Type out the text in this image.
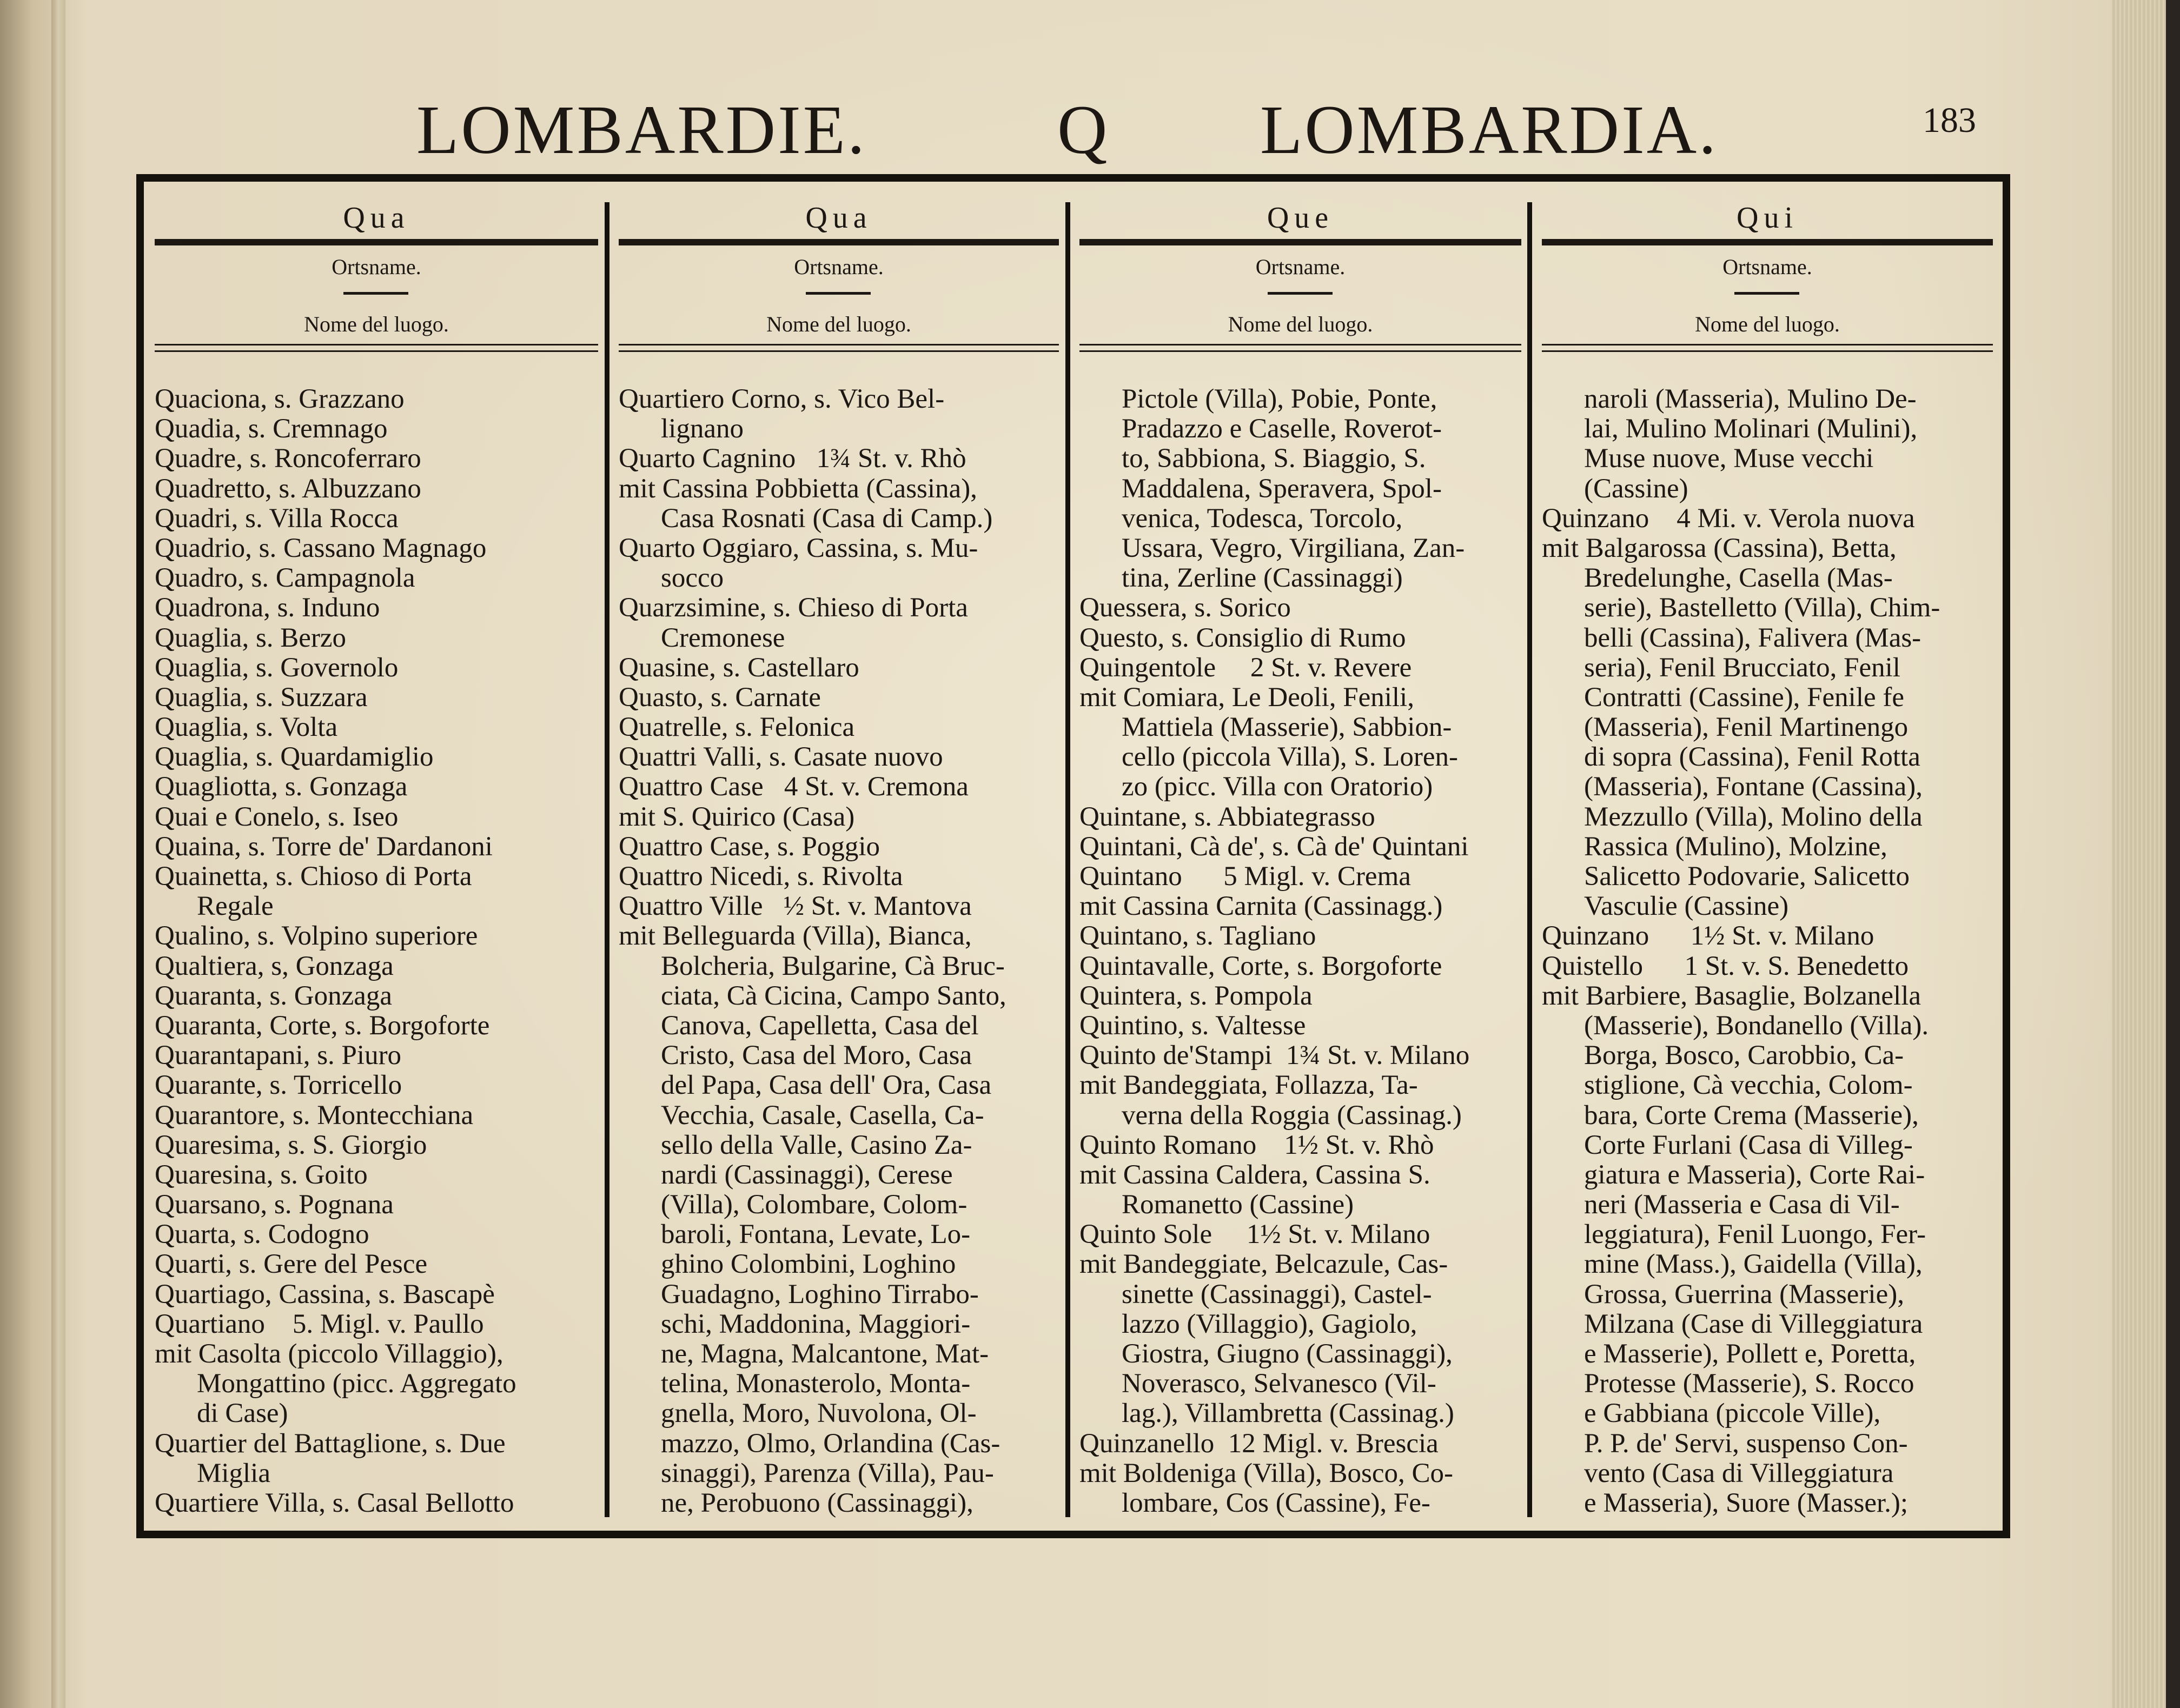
LOMBARDIE.	Q LOMBARDIA.	183
Qua
Ortsname.
Nome del luogo.
Quaciona, s. Grazzano
Quadia, s. Cremnago
Quadre, s. Roncoferraro
Quadretto, s. Albuzzano
Quadri, s. Villa Rocca
Quadrio, s. Cassano Magnago
Quadro, s. Campagnola
Quadrona, s. Induno
Quaglia, s. Berzo
Quaglia, s. Governolo
Quaglia, s. Suzzara
Quaglia, s. Volta
Quaglia, s. Quardamiglio
Quagliotta, s. Gonzaga
Quai e Conelo, s. Iseo
Quaina, s. Torre de' Dardanoni
Quainetta, s. Chioso di Porta
Regale
Qualino, s. Volpino superiore
Qualtiera, s, Gonzaga
Quaranta, s. Gonzaga
Quaranta, Corte, s. Borgoforte
Quarantapani, s. Piuro
Quarante, s. Torricello
Quarantore, s. Montecchiana
Quaresima, s. S. Giorgio
Quaresina, s. Goito
Quarsano, s. Pognana
Quarta, s. Codogno
Quarti, s. Gere del Pesce
Quartiago, Cassina, s. Bascapè
Quartiano    5. Migl. v. Paullo
mit Casolta (piccolo Villaggio),
Mongattino (picc. Aggregato
di Case)
Quartier del Battaglione, s. Due
Miglia
Quartiere Villa, s. Casal Bellotto
Qua
Ortsname.
Nome del luogo.
Quartiero Corno, s. Vico Bel-
lignano
Quarto Cagnino   1¾ St. v. Rhò
mit Cassina Pobbietta (Cassina),
Casa Rosnati (Casa di Camp.)
Quarto Oggiaro, Cassina, s. Mu-
socco
Quarzsimine, s. Chieso di Porta
Cremonese
Quasine, s. Castellaro
Quasto, s. Carnate
Quatrelle, s. Felonica
Quattri Valli, s. Casate nuovo
Quattro Case   4 St. v. Cremona
mit S. Quirico (Casa)
Quattro Case, s. Poggio
Quattro Nicedi, s. Rivolta
Quattro Ville   ½ St. v. Mantova
mit Belleguarda (Villa), Bianca,
Bolcheria, Bulgarine, Cà Bruc-
ciata, Cà Cicina, Campo Santo,
Canova, Capelletta, Casa del
Cristo, Casa del Moro, Casa
del Papa, Casa dell' Ora, Casa
Vecchia, Casale, Casella, Ca-
sello della Valle, Casino Za-
nardi (Cassinaggi), Cerese
(Villa), Colombare, Colom-
baroli, Fontana, Levate, Lo-
ghino Colombini, Loghino
Guadagno, Loghino Tirrabo-
schi, Maddonina, Maggiori-
ne, Magna, Malcantone, Mat-
telina, Monasterolo, Monta-
gnella, Moro, Nuvolona, Ol-
mazzo, Olmo, Orlandina (Cas-
sinaggi), Parenza (Villa), Pau-
ne, Perobuono (Cassinaggi),
Que
Ortsname.
Nome del luogo.
Pictole (Villa), Pobie, Ponte,
Pradazzo e Caselle, Roverot-
to, Sabbiona, S. Biaggio, S.
Maddalena, Speravera, Spol-
venica, Todesca, Torcolo,
Ussara, Vegro, Virgiliana, Zan-
tina, Zerline (Cassinaggi)
Quessera, s. Sorico
Questo, s. Consiglio di Rumo
Quingentole     2 St. v. Revere
mit Comiara, Le Deoli, Fenili,
Mattiela (Masserie), Sabbion-
cello (piccola Villa), S. Loren-
zo (picc. Villa con Oratorio)
Quintane, s. Abbiategrasso
Quintani, Cà de', s. Cà de' Quintani
Quintano      5 Migl. v. Crema
mit Cassina Carnita (Cassinagg.)
Quintano, s. Tagliano
Quintavalle, Corte, s. Borgoforte
Quintera, s. Pompola
Quintino, s. Valtesse
Quinto de'Stampi  1¾ St. v. Milano
mit Bandeggiata, Follazza, Ta-
verna della Roggia (Cassinag.)
Quinto Romano    1½ St. v. Rhò
mit Cassina Caldera, Cassina S.
Romanetto (Cassine)
Quinto Sole     1½ St. v. Milano
mit Bandeggiate, Belcazule, Cas-
sinette (Cassinaggi), Castel-
lazzo (Villaggio), Gagiolo,
Giostra, Giugno (Cassinaggi),
Noverasco, Selvanesco (Vil-
lag.), Villambretta (Cassinag.)
Quinzanello  12 Migl. v. Brescia
mit Boldeniga (Villa), Bosco, Co-
lombare, Cos (Cassine), Fe-
Qui
Ortsname.
Nome del luogo.
naroli (Masseria), Mulino De-
lai, Mulino Molinari (Mulini),
Muse nuove, Muse vecchi
(Cassine)
Quinzano    4 Mi. v. Verola nuova
mit Balgarossa (Cassina), Betta,
Bredelunghe, Casella (Mas-
serie), Bastelletto (Villa), Chim-
belli (Cassina), Falivera (Mas-
seria), Fenil Brucciato, Fenil
Contratti (Cassine), Fenile fe
(Masseria), Fenil Martinengo
di sopra (Cassina), Fenil Rotta
(Masseria), Fontane (Cassina),
Mezzullo (Villa), Molino della
Rassica (Mulino), Molzine,
Salicetto Podovarie, Salicetto
Vasculie (Cassine)
Quinzano      1½ St. v. Milano
Quistello      1 St. v. S. Benedetto
mit Barbiere, Basaglie, Bolzanella
(Masserie), Bondanello (Villa).
Borga, Bosco, Carobbio, Ca-
stiglione, Cà vecchia, Colom-
bara, Corte Crema (Masserie),
Corte Furlani (Casa di Villeg-
giatura e Masseria), Corte Rai-
neri (Masseria e Casa di Vil-
leggiatura), Fenil Luongo, Fer-
mine (Mass.), Gaidella (Villa),
Grossa, Guerrina (Masserie),
Milzana (Case di Villeggiatura
e Masserie), Pollett e, Poretta,
Protesse (Masserie), S. Rocco
e Gabbiana (piccole Ville),
P. P. de' Servi, suspenso Con-
vento (Casa di Villeggiatura
e Masseria), Suore (Masser.);
